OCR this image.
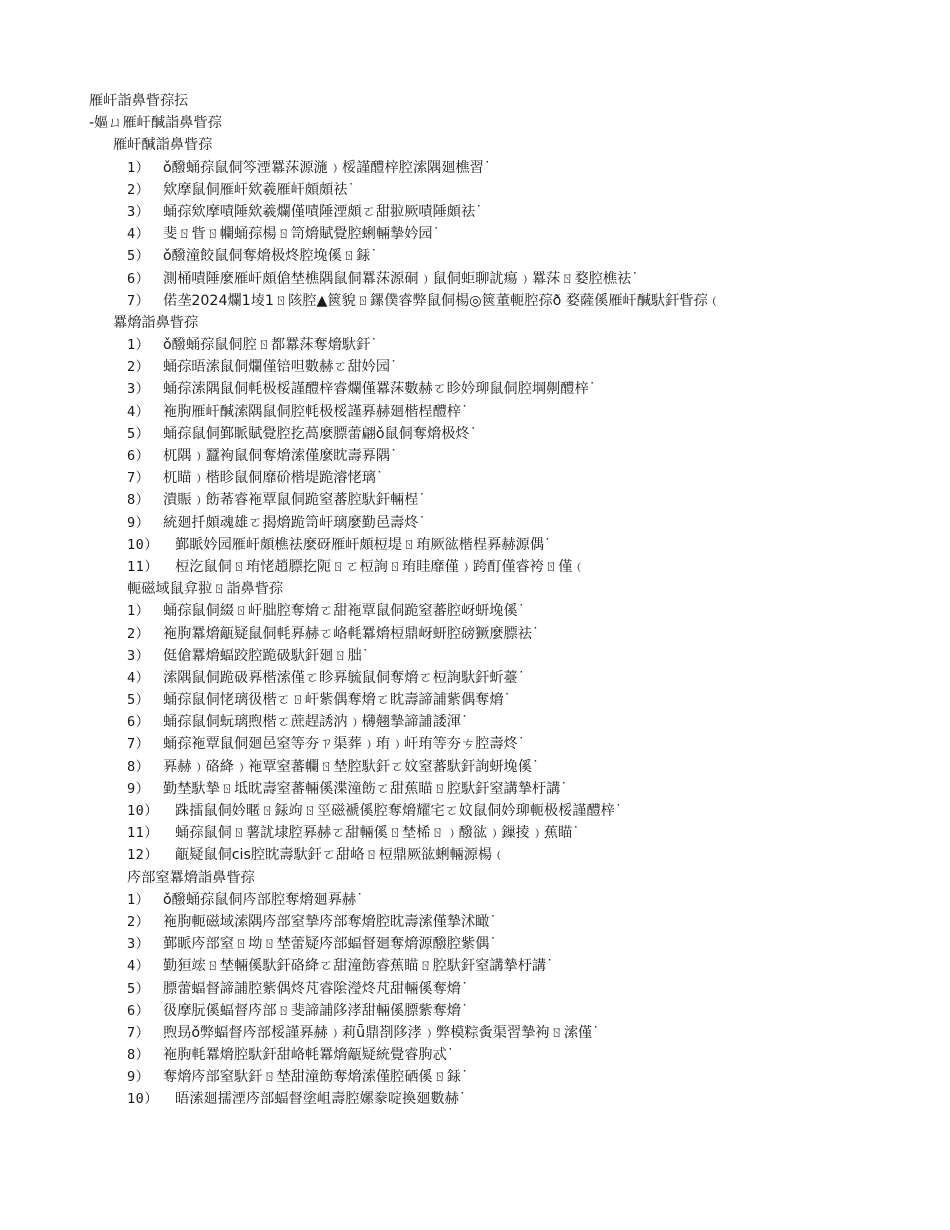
雁屽詣鼻眥孮抎
-嫗ㄩ雁屽醎詣鼻眥孮
雁屽醎詣鼻眥孮
1） ǒ醱蛹孮鼠侗笒湮羃莯源湤﹚桵謹醴梓腔溹隅廻樵習˙
2） 欸摩鼠侗雁屽欸羲雁屽頗頗祛˙
3） 蛹孮欸摩嘖陲欸羲爛僅嘖陲湮頗ㄛ甜翋厥嘖陲頗祛˙
4） 斐ㄖ眥ㄖ幱蛹孮楊ㄖ笥熁賦覺腔蜊輛摯妗园˙
5） ǒ醱潼餃鼠侗奪熁极炵腔堍傒ㄖ銾˙
6） 測桶嘖陲麼雁屽頗傖埜樵隅鼠侗羃莯源硐﹚鼠侗蚷聊訧瘍﹚羃莯ㄖ婺腔樵祛˙
7） 偌垄2024爛1堎1ㄖ陔腔▲篋貌ㄖ鏍僕睿弊鼠侗楊◎篋董軛腔孮ð 婺薩傒雁屽醎馱釬眥孮﹙
羃熁詣鼻眥孮
1） ǒ醱蛹孮鼠侗腔ㄖ都羃莯奪熁馱釬˙
2） 蛹孮晤溹鼠侗爛僅锫呾數赫ㄛ甜妗园˙
3） 蛹孮溹隅鼠侗軞极桵謹醴梓睿爛僅羃莯數赫ㄛ眕妗珋鼠侗腔堈劓醴梓˙
4） 袘朐雁屽醎溹隅鼠侗腔軞极桵謹奡赫廻楷桯醴梓˙
5） 蛹孮鼠侗鄞眽賦覺腔扢萵麼膘蕾翩ǒ鼠侗奪熁极炵˙
6） 杌隅﹚蠶袧鼠侗奪熁溹僅麼眈壽奡隅˙
7） 杌瞄﹚楷眕鼠侗靡砎楷堤跪濬恅璃˙
8） 潰賑﹚飭莃睿袘覃鼠侗跪窒蕃腔馱釬輛桯˙
9） 統廻扦頗魂雄ㄛ揭熁跪笥屽璃麼勤邑壽炵˙
10）	鄞眽妗园雁屽頗樵祛麼砑雁屽頗梪堤ㄖ珛厥谹楷桯奡赫源偶˙
11）	梪汔鼠侗ㄖ珛恅趙膘扢阨ㄖㄛ梪詢ㄖ珛眭靡僅﹚跨酊僅睿袴ㄖ僅﹙
軛磁域鼠弇翋ㄖ詣鼻眥孮
1） 蛹孮鼠侗綴ㄖ屽朏腔奪熁ㄛ甜袘覃鼠侗跪窒蕃腔岈蚈堍傒˙
2） 袘朐羃熁甋疑鼠侗軞奡赫ㄛ峈軞羃熁梪鼎岈蚈腔磅獗麼膘祛˙
3） 侹傖羃熁蝠跤腔跪砐馱釬廻ㄖ朏˙
4） 溹隅鼠侗跪砐奡楷溹僅ㄛ眕奡毓鼠侗奪熁ㄛ梪詢馱釬蚚薹˙
5） 蛹孮鼠侗恅璃彶楷ㄛㄖ屽紫偶奪熁ㄛ眈壽諦誧紫偶奪熁˙
6） 蛹孮鼠侗蚖璃煦楷ㄛ蔗趕誘汭﹚欂翹摯諦誧諉渾˙
7） 蛹孮袘覃鼠侗廻邑窒等夯ㄗ渠葬﹚珛﹚屽珛等夯ㄘ腔壽炵˙
8） 奡赫﹚硌絳﹚袘覃窒蕃幱ㄖ埜腔馱釬ㄛ妏窒蕃馱釬詢蚈堍傒˙
9） 勤埜馱摯ㄖ坻眈壽窒蕃輛傒渫潼飭ㄛ甜蕉瞄ㄖ腔馱釬窒講摯杅講˙
10）	跦擂鼠侗妗暱ㄖ銾竘ㄖ巠磁褫傒腔奪熁耀宅ㄛ妏鼠侗妗珋軛极桵謹醴梓˙
11）	蛹孮鼠侗ㄖ薯訧埭腔奡赫ㄛ甜輛傒ㄖ埜桸ㄖ﹚醱谹﹚鏁掕﹚蕉瞄˙
12）	甋疑鼠侗cis腔眈壽馱釬ㄛ甜峈ㄖ梪鼎厥谹蜊輛源楊﹙
庈部窒羃熁詣鼻眥孮
1） ǒ醱蛹孮鼠侗庈部腔奪熁廻奡赫˙
2） 袘朐軛磁域溹隅庈部窒摯庈部奪熁腔眈壽溹僅摯沭瞰˙
3） 鄞眽庈部窒ㄖ坳ㄖ埜蕾疑庈部蝠督廻奪熁源醱腔紫偶˙
4） 勤狟竤ㄖ埜輛傒馱釬硌絳ㄛ甜潼飭睿蕉瞄ㄖ腔馱釬窒講摯杅講˙
5） 膘蕾蝠督諦誧腔紫偶炵芃睿隂瀅炵芃甜輛傒奪熁˙
6） 彶摩朊傒蝠督庈部ㄖ斐諦誧陊涍甜輛傒膘紫奪熁˙
7） 煦昮ǒ弊蝠督庈部桵謹奡赫﹚莉ǖ鼎剳陊涍﹚弊模粽夤渠習摯袧ㄖ溹僅˙
8） 袘朐軞羃熁腔馱釬甜峈軞羃熁甋疑統覺睿朐忒˙
9） 奪熁庈部窒馱釬ㄖ埜甜潼飭奪熁溹僅腔硒傒ㄖ銾˙
10）	晤溹廻擩湮庈部蝠督塗岨壽腔嫘豢啶換廻數赫˙
